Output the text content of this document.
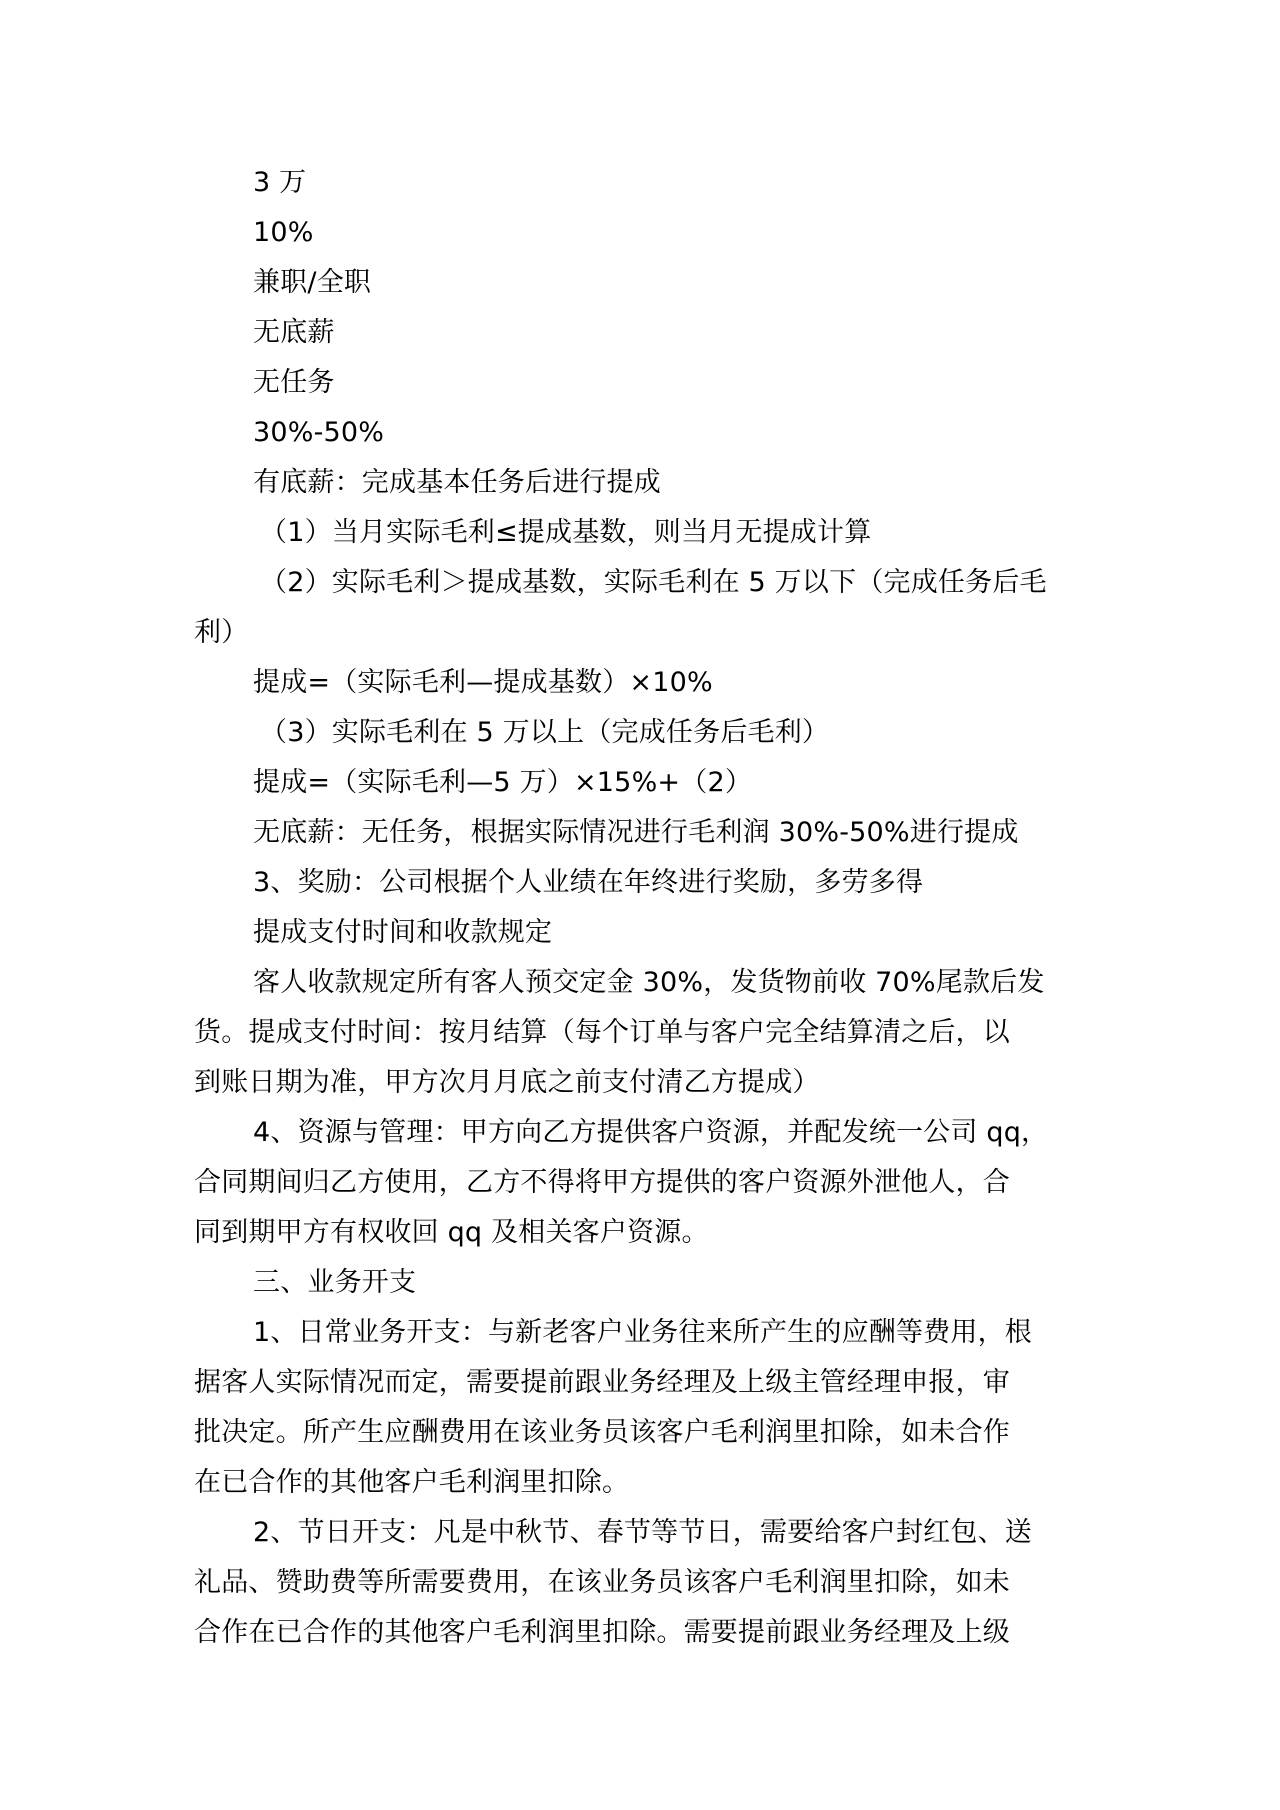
3 万
10%
兼职/全职
无底薪
无任务
30%-50%
有底薪：完成基本任务后进行提成
（1）当月实际毛利≤提成基数，则当月无提成计算
（2）实际毛利＞提成基数，实际毛利在 5 万以下（完成任务后毛
利）
提成=（实际毛利—提成基数）×10%
（3）实际毛利在 5 万以上（完成任务后毛利）
提成=（实际毛利—5 万）×15%+（2）
无底薪：无任务，根据实际情况进行毛利润 30%-50%进行提成
3、奖励：公司根据个人业绩在年终进行奖励，多劳多得
提成支付时间和收款规定
客人收款规定所有客人预交定金 30%，发货物前收 70%尾款后发
货。提成支付时间：按月结算（每个订单与客户完全结算清之后，以
到账日期为准，甲方次月月底之前支付清乙方提成）
4、资源与管理：甲方向乙方提供客户资源，并配发统一公司 qq，
合同期间归乙方使用，乙方不得将甲方提供的客户资源外泄他人，合
同到期甲方有权收回 qq 及相关客户资源。
三、业务开支
1、日常业务开支：与新老客户业务往来所产生的应酬等费用，根
据客人实际情况而定，需要提前跟业务经理及上级主管经理申报，审
批决定。所产生应酬费用在该业务员该客户毛利润里扣除，如未合作
在已合作的其他客户毛利润里扣除。
2、节日开支：凡是中秋节、春节等节日，需要给客户封红包、送
礼品、赞助费等所需要费用，在该业务员该客户毛利润里扣除，如未
合作在已合作的其他客户毛利润里扣除。需要提前跟业务经理及上级
